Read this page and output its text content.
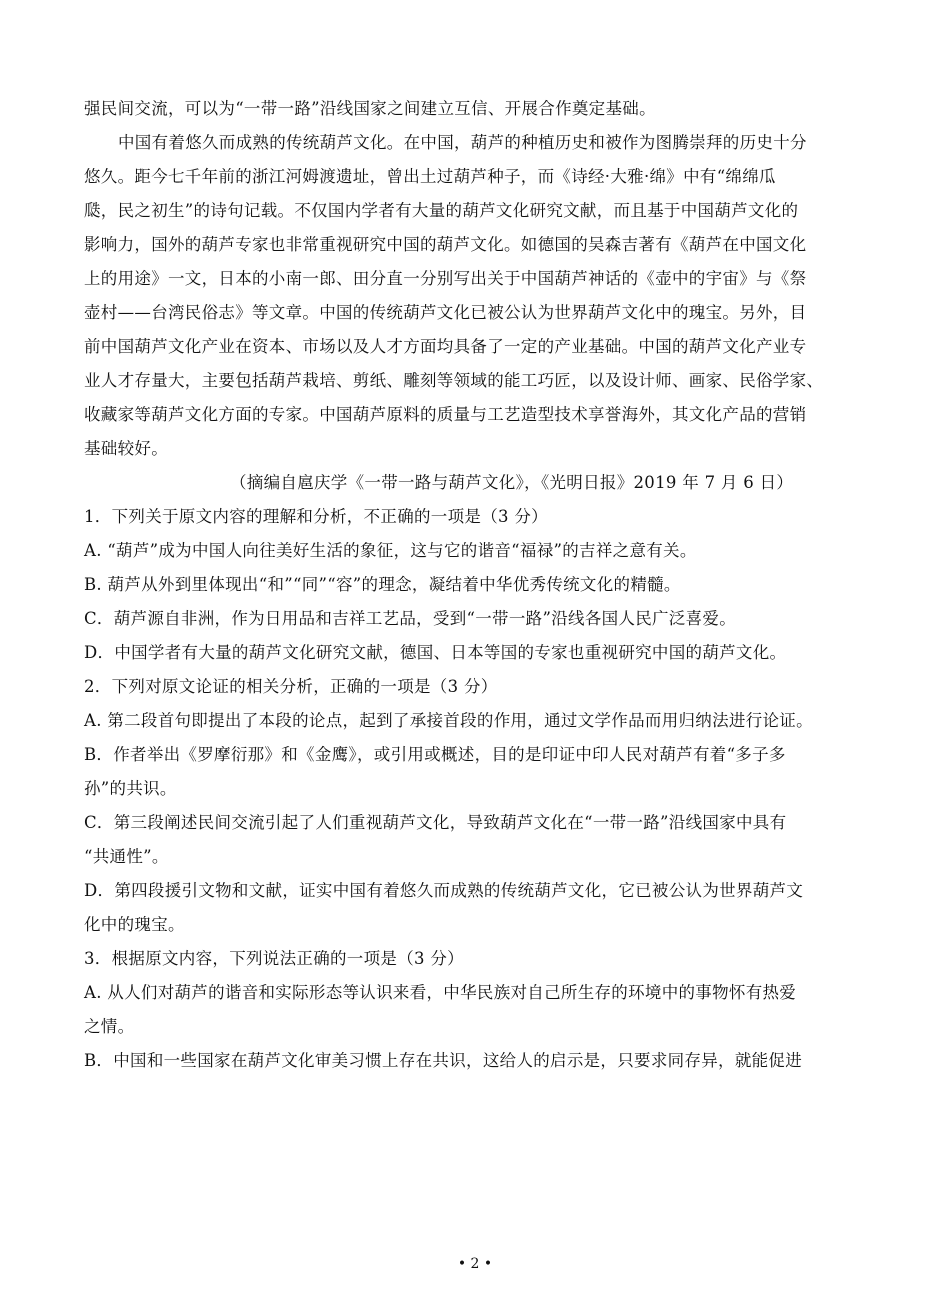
强民间交流，可以为“一带一路”沿线国家之间建立互信、开展合作奠定基础。
中国有着悠久而成熟的传统葫芦文化。在中国，葫芦的种植历史和被作为图腾崇拜的历史十分
悠久。距今七千年前的浙江河姆渡遗址，曾出土过葫芦种子，而《诗经·大雅·绵》中有“绵绵瓜
瓞，民之初生”的诗句记载。不仅国内学者有大量的葫芦文化研究文献，而且基于中国葫芦文化的
影响力，国外的葫芦专家也非常重视研究中国的葫芦文化。如德国的吴森吉著有《葫芦在中国文化
上的用途》一文，日本的小南一郎、田分直一分别写出关于中国葫芦神话的《壶中的宇宙》与《祭
壶村——台湾民俗志》等文章。中国的传统葫芦文化已被公认为世界葫芦文化中的瑰宝。另外，目
前中国葫芦文化产业在资本、市场以及人才方面均具备了一定的产业基础。中国的葫芦文化产业专
业人才存量大，主要包括葫芦栽培、剪纸、雕刻等领域的能工巧匠，以及设计师、画家、民俗学家、
收藏家等葫芦文化方面的专家。中国葫芦原料的质量与工艺造型技术享誉海外，其文化产品的营销
基础较好。
（摘编自扈庆学《一带一路与葫芦文化》，《光明日报》2019 年 7 月 6 日）
1．下列关于原文内容的理解和分析，不正确的一项是（3 分）
A. “葫芦”成为中国人向往美好生活的象征，这与它的谐音“福禄”的吉祥之意有关。
B. 葫芦从外到里体现出“和”“同”“容”的理念，凝结着中华优秀传统文化的精髓。
C．葫芦源自非洲，作为日用品和吉祥工艺品，受到“一带一路”沿线各国人民广泛喜爱。
D．中国学者有大量的葫芦文化研究文献，德国、日本等国的专家也重视研究中国的葫芦文化。
2．下列对原文论证的相关分析，正确的一项是（3 分）
A. 第二段首句即提出了本段的论点，起到了承接首段的作用，通过文学作品而用归纳法进行论证。
B．作者举出《罗摩衍那》和《金鹰》，或引用或概述，目的是印证中印人民对葫芦有着“多子多
孙”的共识。
C．第三段阐述民间交流引起了人们重视葫芦文化，导致葫芦文化在“一带一路”沿线国家中具有
“共通性”。
D．第四段援引文物和文献，证实中国有着悠久而成熟的传统葫芦文化，它已被公认为世界葫芦文
化中的瑰宝。
3．根据原文内容，下列说法正确的一项是（3 分）
A. 从人们对葫芦的谐音和实际形态等认识来看，中华民族对自己所生存的环境中的事物怀有热爱
之情。
B．中国和一些国家在葫芦文化审美习惯上存在共识，这给人的启示是，只要求同存异，就能促进
• 2 •
